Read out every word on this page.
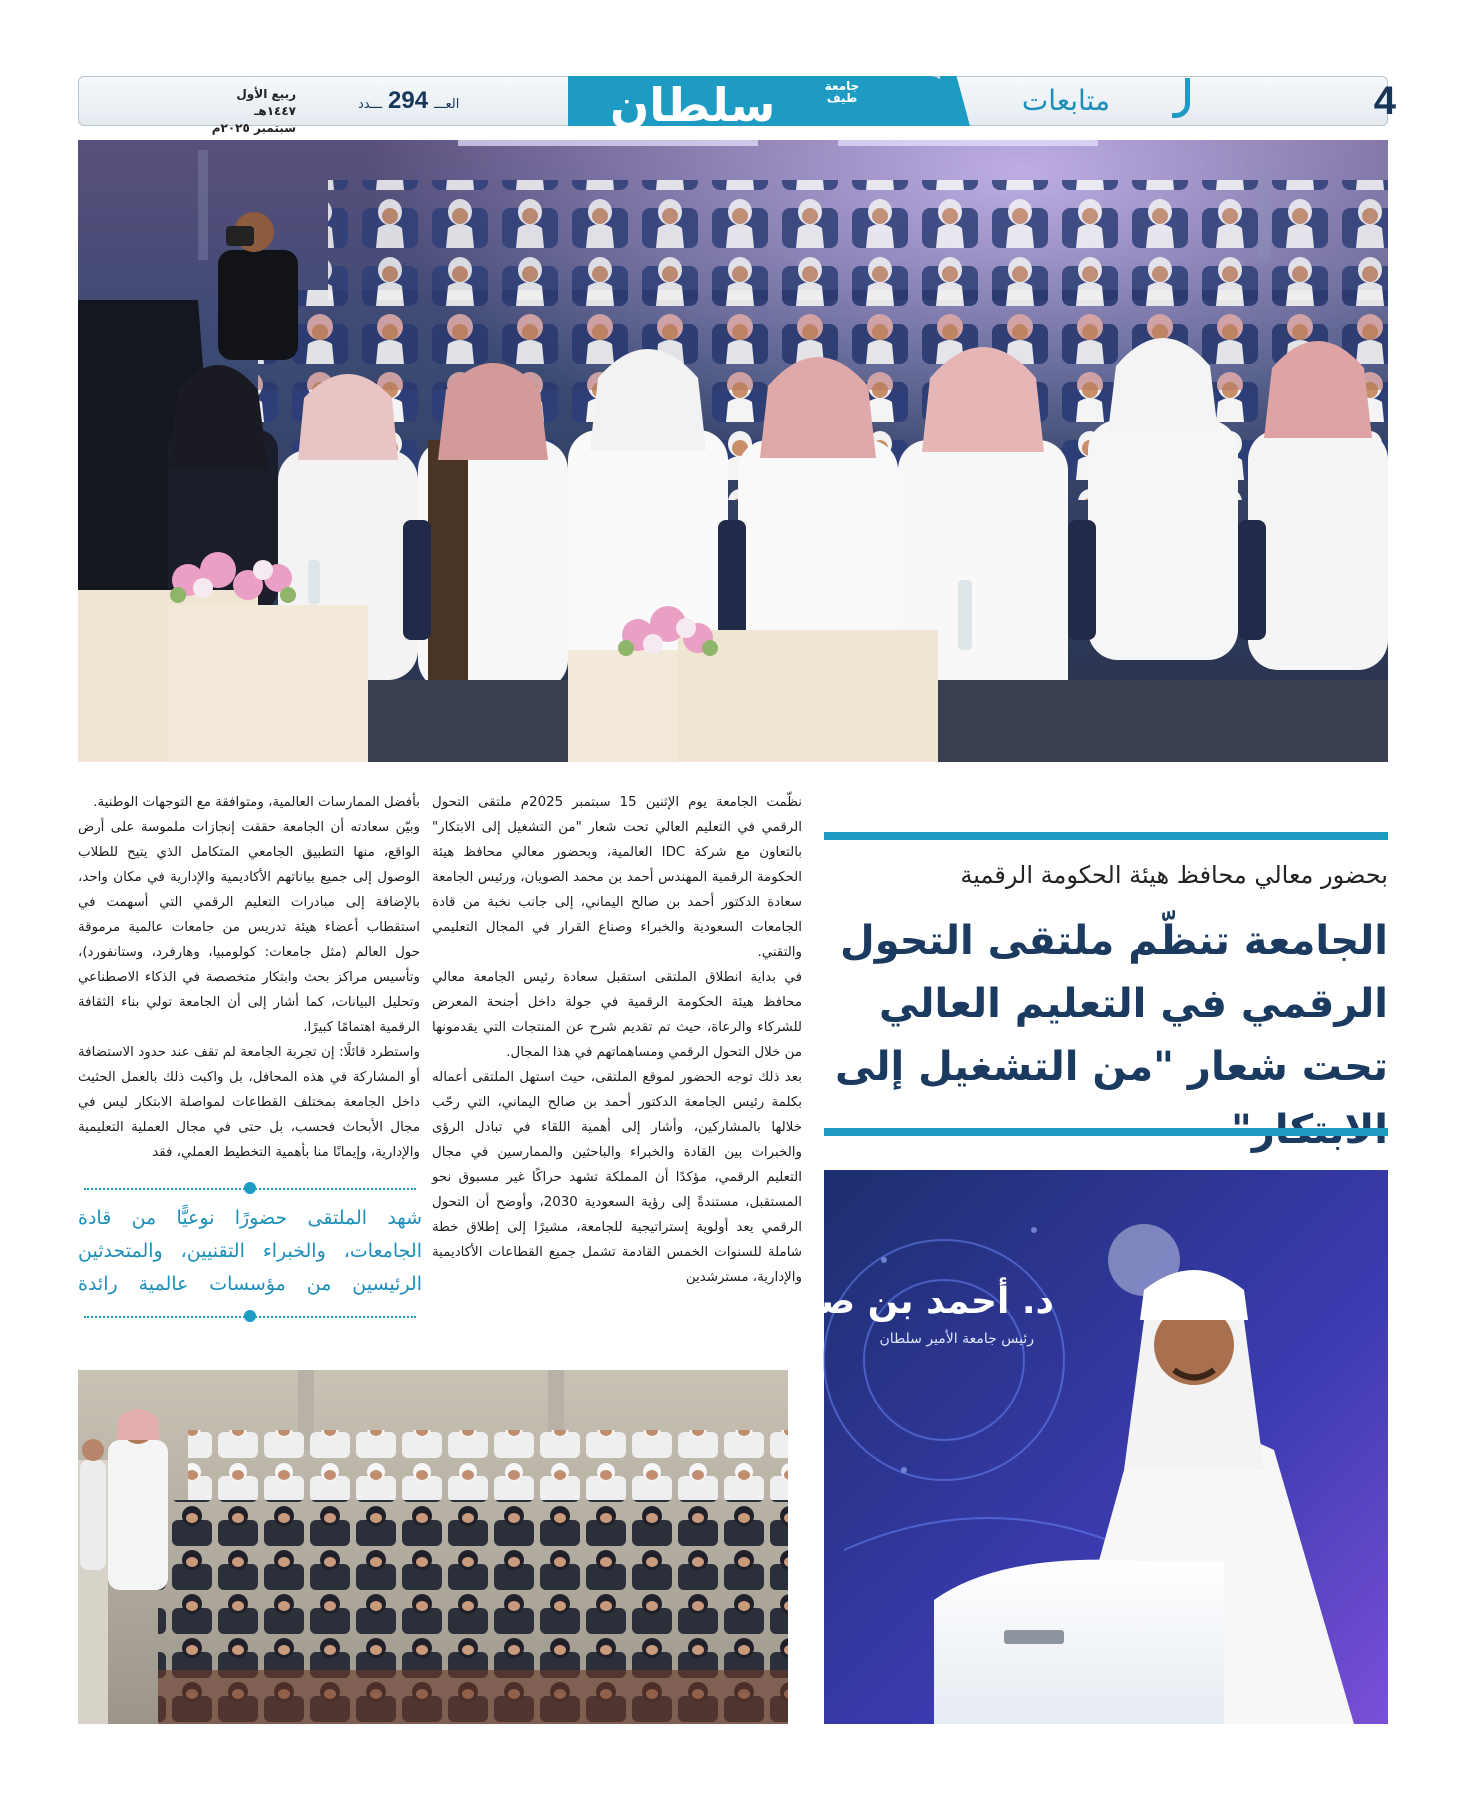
4
متابعات
سلطان	جامعة طيف
العـــ
294
ـــدد
ربيع الأول ١٤٤٧هـ
سبتمبر ٢٠٢٥م
بحضور معالي محافظ هيئة الحكومة الرقمية
الجامعة تنظّم ملتقى التحول الرقمي في التعليم العالي تحت شعار "من التشغيل إلى

نظّمت الجامعة يوم الإثنين 15 سبتمبر 2025م ملتقى التحول الرقمي في التعليم العالي تحت شعار "من التشغيل إلى الابتكار" بالتعاون مع شركة IDC العالمية، وبحضور معالي محافظ هيئة الحكومة الرقمية المهندس أحمد بن محمد الصويان، ورئيس الجامعة سعادة الدكتور أحمد بن صالح اليماني، إلى جانب نخبة من قادة الجامعات السعودية والخبراء وصناع القرار في المجال التعليمي والتقني.

في بداية انطلاق الملتقى استقبل سعادة رئيس الجامعة معالي محافظ هيئة الحكومة الرقمية في جولة داخل أجنحة المعرض للشركاء والرعاة، حيث تم تقديم شرح عن المنتجات التي يقدمونها من خلال التحول الرقمي ومساهماتهم في هذا المجال.

بعد ذلك توجه الحضور لموقع الملتقى، حيث استهل الملتقى أعماله بكلمة رئيس الجامعة الدكتور أحمد بن صالح اليماني، التي رحّب خلالها بالمشاركين، وأشار إلى أهمية اللقاء في تبادل الرؤى والخبرات بين القادة والخبراء والباحثين والممارسين في مجال التعليم الرقمي، مؤكدًا أن المملكة تشهد حراكًا غير مسبوق نحو المستقبل، مستندةً إلى رؤية السعودية 2030، وأوضح أن التحول الرقمي يعد أولوية إستراتيجية للجامعة، مشيرًا إلى إطلاق خطة شاملة للسنوات الخمس القادمة تشمل جميع القطاعات الأكاديمية والإدارية، مسترشدين

بأفضل الممارسات العالمية، ومتوافقة مع التوجهات الوطنية.

وبيّن سعادته أن الجامعة حققت إنجازات ملموسة على أرض الواقع، منها التطبيق الجامعي المتكامل الذي يتيح للطلاب الوصول إلى جميع بياناتهم الأكاديمية والإدارية في مكان واحد، بالإضافة إلى مبادرات التعليم الرقمي التي أسهمت في استقطاب أعضاء هيئة تدريس من جامعات عالمية مرموقة حول العالم (مثل جامعات: كولومبيا، وهارفرد، وستانفورد)، وتأسيس مراكز بحث وابتكار متخصصة في الذكاء الاصطناعي وتحليل البيانات، كما أشار إلى أن الجامعة تولي بناء الثقافة الرقمية اهتمامًا كبيرًا.

واستطرد قائلًا: إن تجربة الجامعة لم تقف عند حدود الاستضافة أو المشاركة في هذه المحافل، بل واكبت ذلك بالعمل الحثيث داخل الجامعة بمختلف القطاعات لمواصلة الابتكار ليس في مجال الأبحاث فحسب، بل حتى في مجال العملية التعليمية والإدارية، وإيمانًا منا بأهمية التخطيط العملي، فقد

شهد الملتقى حضورًا نوعيًّا من قادة الجامعات، والخبراء التقنيين، والمتحدثين الرئيسين من مؤسسات عالمية رائدة	د. أحمد بن صالح ال
رئيس جامعة الأمير سلطان
